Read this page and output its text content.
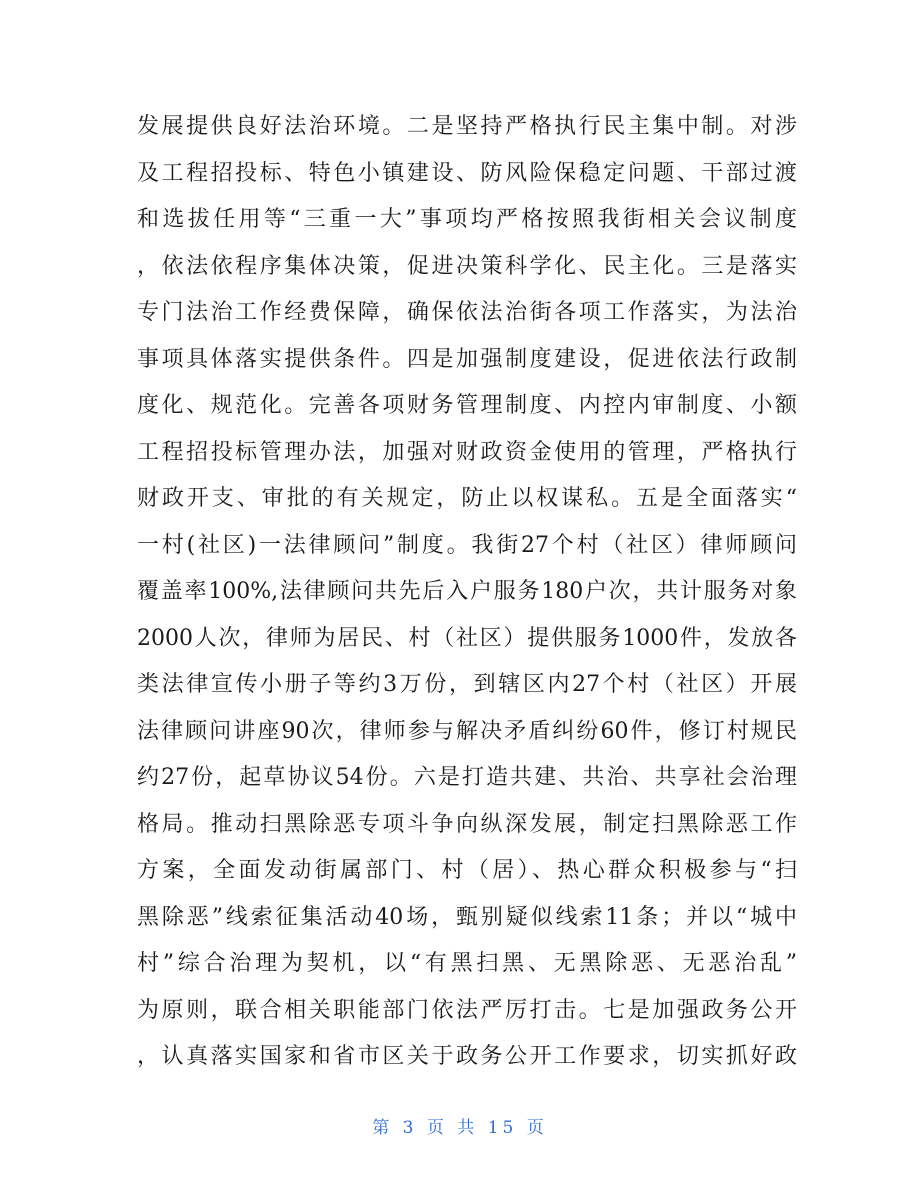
发展提供良好法治环境。二是坚持严格执行民主集中制。对涉
及工程招投标、特色小镇建设、防风险保稳定问题、干部过渡
和选拔任用等“三重一大”事项均严格按照我街相关会议制度
，依法依程序集体决策，促进决策科学化、民主化。三是落实
专门法治工作经费保障，确保依法治街各项工作落实，为法治
事项具体落实提供条件。四是加强制度建设，促进依法行政制
度化、规范化。完善各项财务管理制度、内控内审制度、小额
工程招投标管理办法，加强对财政资金使用的管理，严格执行
财政开支、审批的有关规定，防止以权谋私。五是全面落实“
一村(社区)一法律顾问”制度。我街27个村（社区）律师顾问
覆盖率100%,法律顾问共先后入户服务180户次，共计服务对象
2000人次，律师为居民、村（社区）提供服务1000件，发放各
类法律宣传小册子等约3万份，到辖区内27个村（社区）开展
法律顾问讲座90次，律师参与解决矛盾纠纷60件，修订村规民
约27份，起草协议54份。六是打造共建、共治、共享社会治理
格局。推动扫黑除恶专项斗争向纵深发展，制定扫黑除恶工作
方案，全面发动街属部门、村（居）、热心群众积极参与“扫
黑除恶”线索征集活动40场，甄别疑似线索11条；并以“城中
村”综合治理为契机，以“有黑扫黑、无黑除恶、无恶治乱”
为原则，联合相关职能部门依法严厉打击。七是加强政务公开
，认真落实国家和省市区关于政务公开工作要求，切实抓好政
第 3 页 共 15 页
